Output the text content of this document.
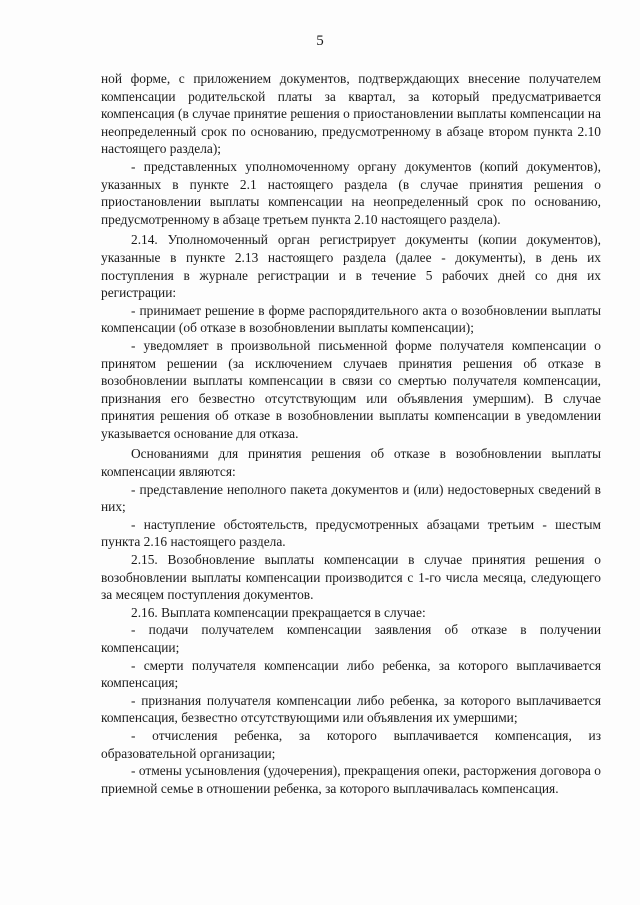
5

ной форме, с приложением документов, подтверждающих внесение получателем компенсации родительской платы за квартал, за который предусматривается компенсация (в случае принятие решения о приостановлении выплаты компенсации на неопределенный срок по основанию, предусмотренному в абзаце втором пункта 2.10 настоящего раздела);

- представленных уполномоченному органу документов (копий документов), указанных в пункте 2.1 настоящего раздела (в случае принятия решения о приостановлении выплаты компенсации на неопределенный срок по основанию, предусмотренному в абзаце третьем пункта 2.10 настоящего раздела).

2.14. Уполномоченный орган регистрирует документы (копии документов), указанные в пункте 2.13 настоящего раздела (далее - документы), в день их поступления в журнале регистрации и в течение 5 рабочих дней со дня их регистрации:

- принимает решение в форме распорядительного акта о возобновлении выплаты компенсации (об отказе в возобновлении выплаты компенсации);

- уведомляет в произвольной письменной форме получателя компенсации о принятом решении (за исключением случаев принятия решения об отказе в возобновлении выплаты компенсации в связи со смертью получателя компенсации, признания его безвестно отсутствующим или объявления умершим). В случае принятия решения об отказе в возобновлении выплаты компенсации в уведомлении указывается основание для отказа.

Основаниями для принятия решения об отказе в возобновлении выплаты компенсации являются:

- представление неполного пакета документов и (или) недостоверных сведений в них;

- наступление обстоятельств, предусмотренных абзацами третьим - шестым пункта 2.16 настоящего раздела.

2.15. Возобновление выплаты компенсации в случае принятия решения о возобновлении выплаты компенсации производится с 1-го числа месяца, следующего за месяцем поступления документов.

2.16. Выплата компенсации прекращается в случае:

- подачи получателем компенсации заявления об отказе в получении компенсации;

- смерти получателя компенсации либо ребенка, за которого выплачивается компенсация;

- признания получателя компенсации либо ребенка, за которого выплачивается компенсация, безвестно отсутствующими или объявления их умершими;

- отчисления ребенка, за которого выплачивается компенсация, из образовательной организации;

- отмены усыновления (удочерения), прекращения опеки, расторжения договора о приемной семье в отношении ребенка, за которого выплачивалась компенсация.
